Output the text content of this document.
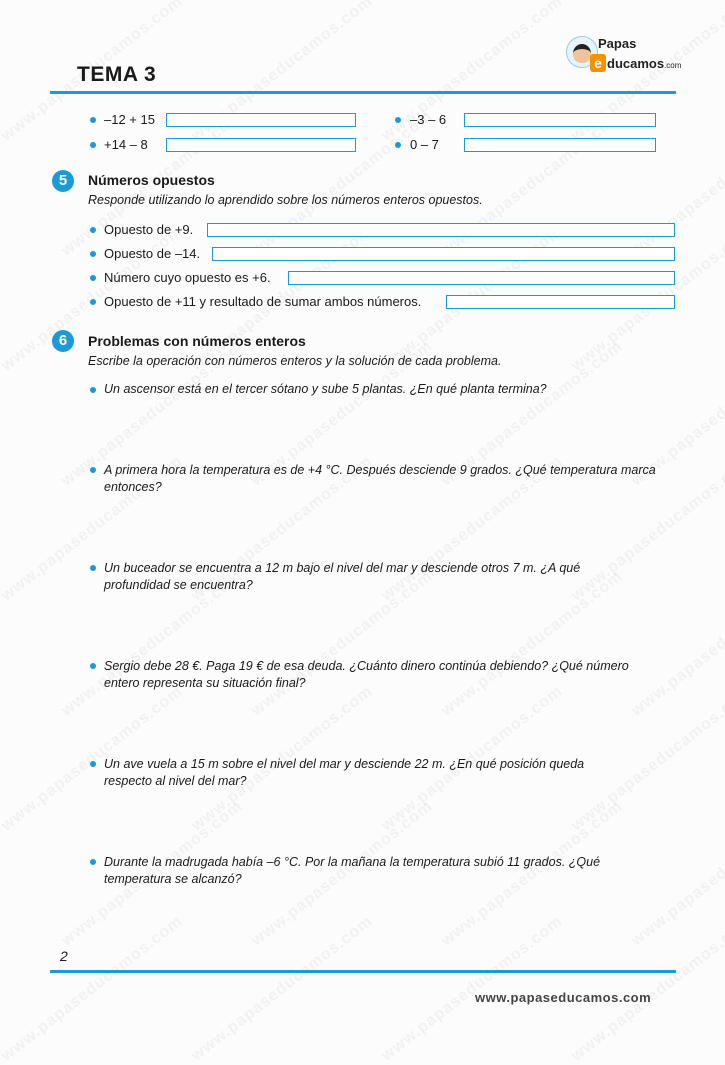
TEMA 3
Papas
e ducamos.com
–12 + 15	–3 – 6
+14 – 8	0 – 7
5	Números opuestos
Responde utilizando lo aprendido sobre los números enteros opuestos.
Opuesto de +9.
Opuesto de –14.
Número cuyo opuesto es +6.
Opuesto de +11 y resultado de sumar ambos números.
6	Problemas con números enteros
Escribe la operación con números enteros y la solución de cada problema.
Un ascensor está en el tercer sótano y sube 5 plantas. ¿En qué planta termina?
A primera hora la temperatura es de +4 °C. Después desciende 9 grados. ¿Qué temperatura marca
entonces?
Un buceador se encuentra a 12 m bajo el nivel del mar y desciende otros 7 m. ¿A qué
profundidad se encuentra?
Sergio debe 28 €. Paga 19 € de esa deuda. ¿Cuánto dinero continúa debiendo? ¿Qué número
entero representa su situación final?
Un ave vuela a 15 m sobre el nivel del mar y desciende 22 m. ¿En qué posición queda
respecto al nivel del mar?
Durante la madrugada había –6 °C. Por la mañana la temperatura subió 11 grados. ¿Qué
temperatura se alcanzó?
2
www.papaseducamos.com
